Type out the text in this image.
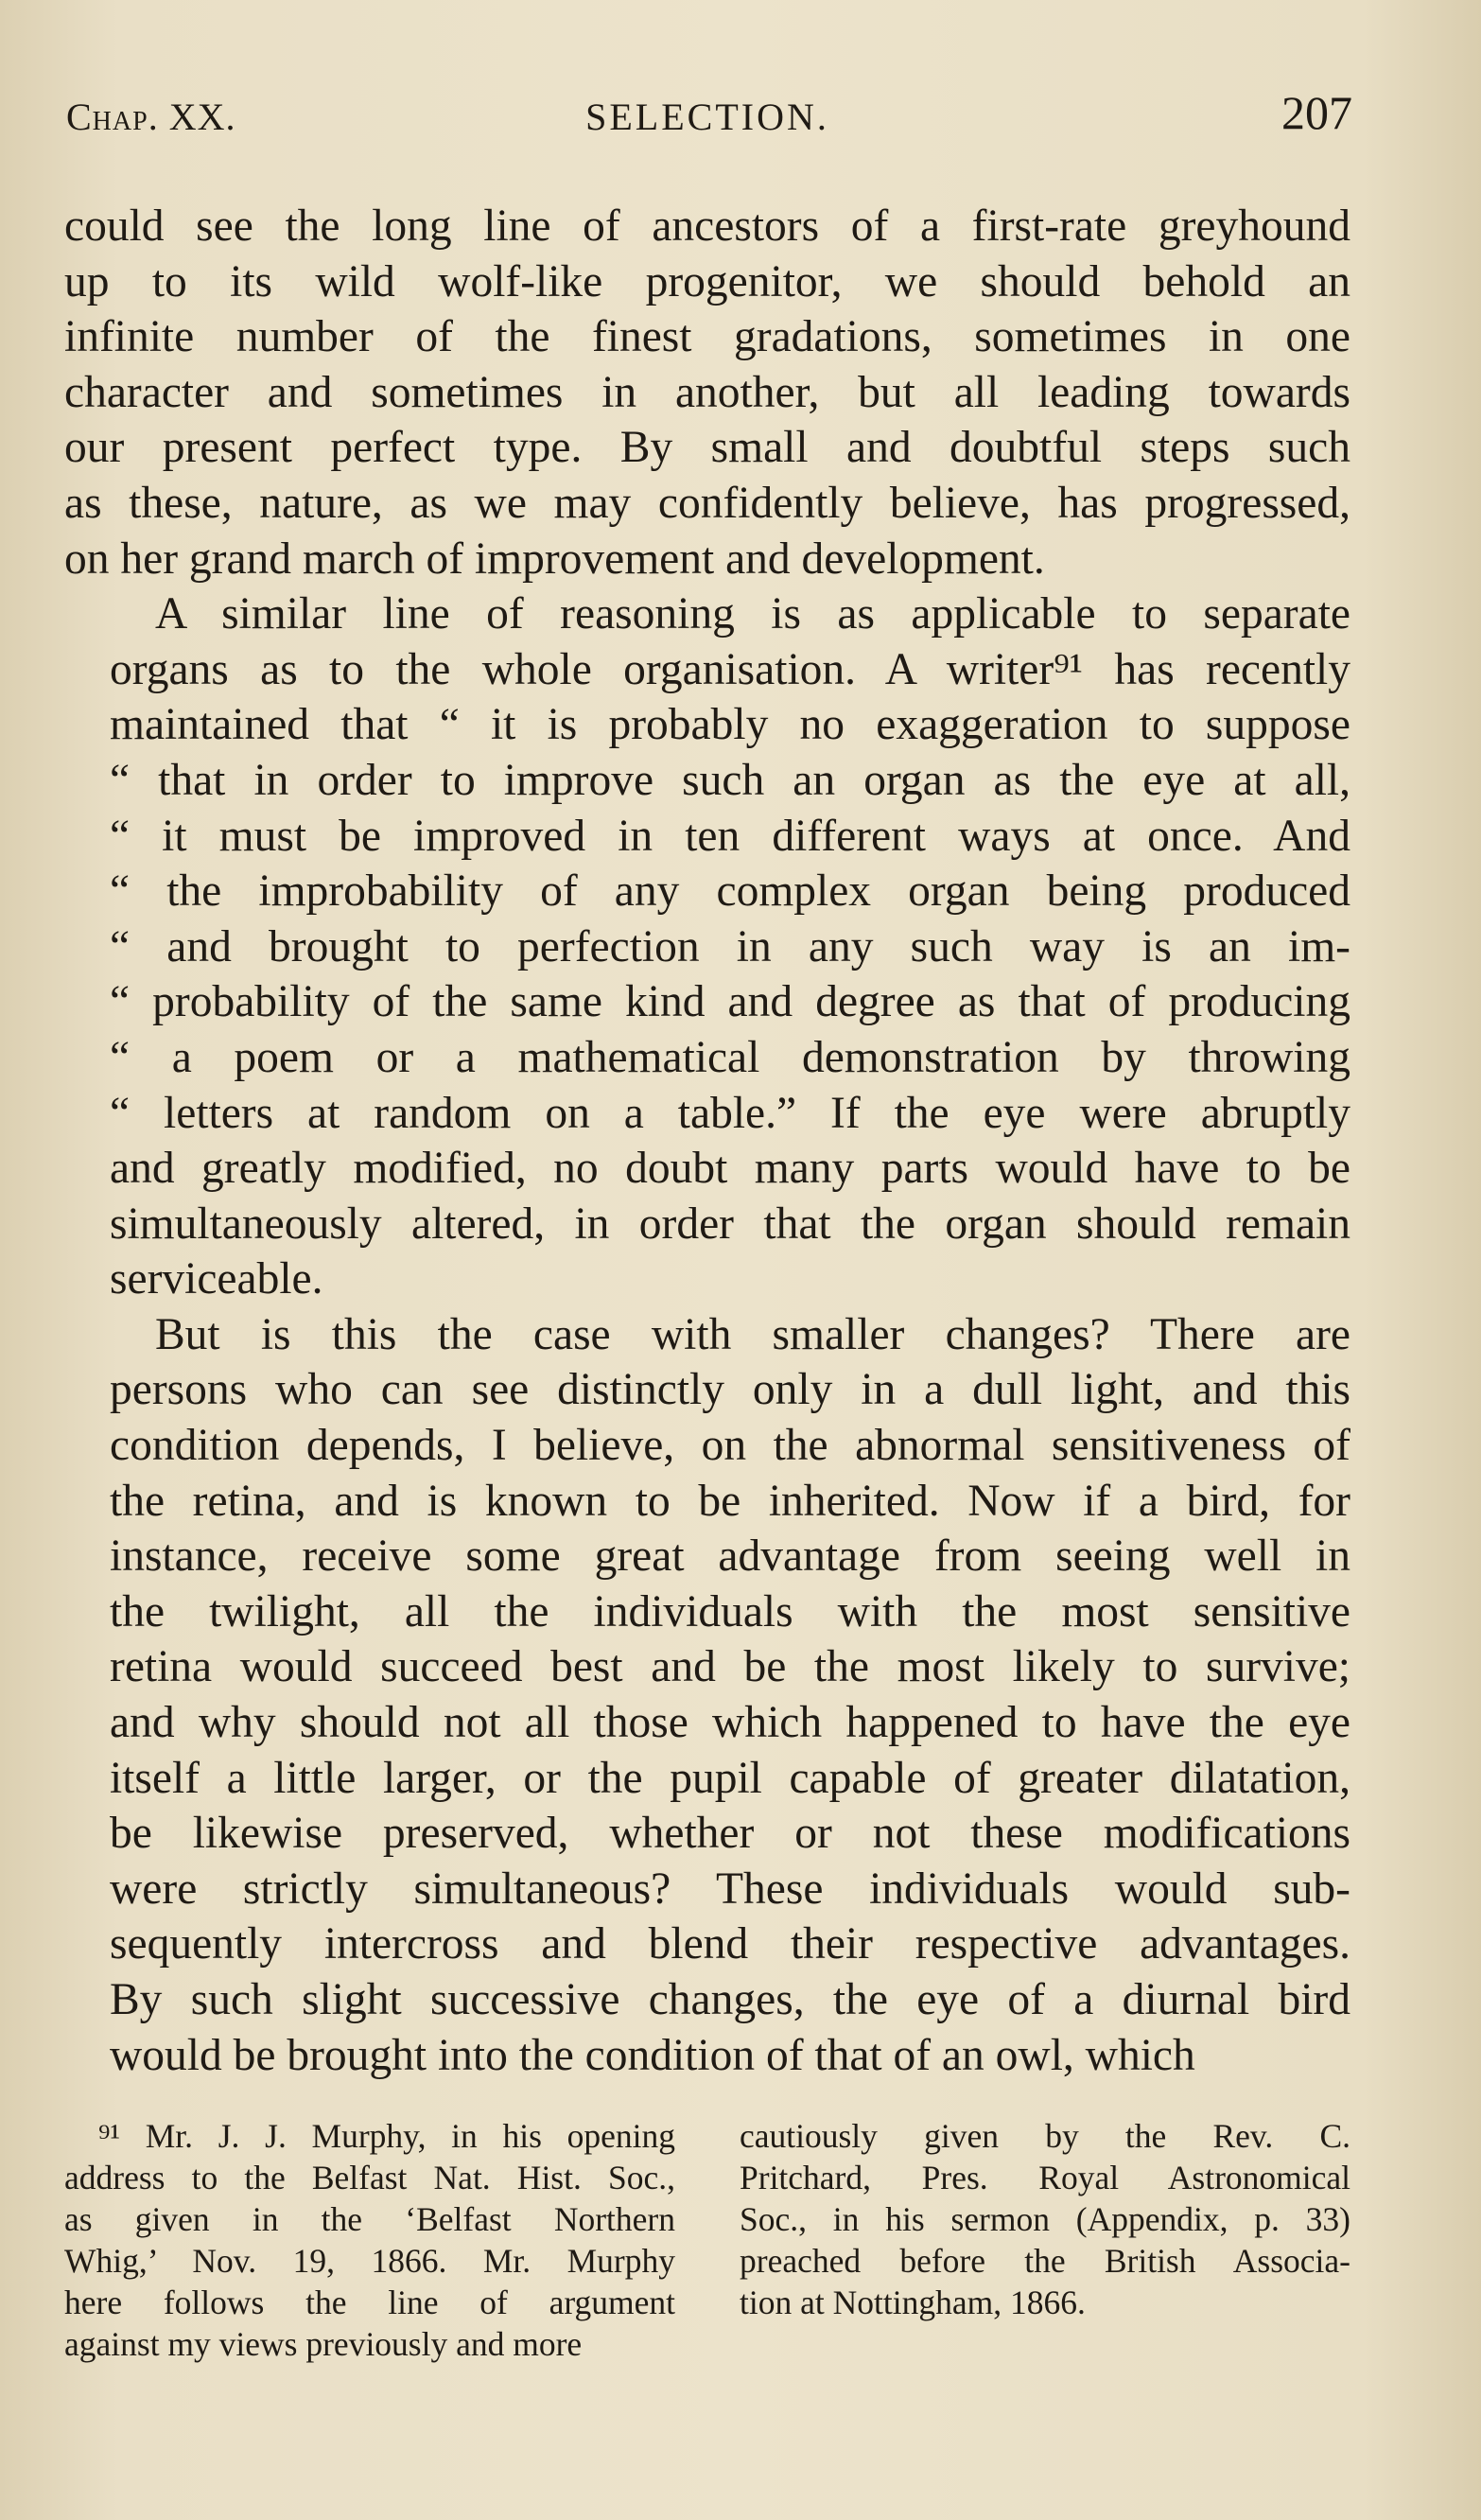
Chap. XX.	SELECTION.	207

could see the long line of ancestors of a first-rate greyhound
up to its wild wolf-like progenitor, we should behold an
infinite number of the finest gradations, sometimes in one
character and sometimes in another, but all leading towards
our present perfect type. By small and doubtful steps such
as these, nature, as we may confidently believe, has progressed,
on her grand march of improvement and development.

A similar line of reasoning is as applicable to separate
organs as to the whole organisation. A writer⁹¹ has recently
maintained that “ it is probably no exaggeration to suppose
“ that in order to improve such an organ as the eye at all,
“ it must be improved in ten different ways at once. And
“ the improbability of any complex organ being produced
“ and brought to perfection in any such way is an im-
“ probability of the same kind and degree as that of producing
“ a poem or a mathematical demonstration by throwing
“ letters at random on a table.” If the eye were abruptly
and greatly modified, no doubt many parts would have to be
simultaneously altered, in order that the organ should remain
serviceable.

But is this the case with smaller changes? There are
persons who can see distinctly only in a dull light, and this
condition depends, I believe, on the abnormal sensitiveness of
the retina, and is known to be inherited. Now if a bird, for
instance, receive some great advantage from seeing well in
the twilight, all the individuals with the most sensitive
retina would succeed best and be the most likely to survive;
and why should not all those which happened to have the eye
itself a little larger, or the pupil capable of greater dilatation,
be likewise preserved, whether or not these modifications
were strictly simultaneous? These individuals would sub-
sequently intercross and blend their respective advantages.
By such slight successive changes, the eye of a diurnal bird
would be brought into the condition of that of an owl, which

⁹¹ Mr. J. J. Murphy, in his opening
address to the Belfast Nat. Hist. Soc.,
as given in the ‘Belfast Northern
Whig,’ Nov. 19, 1866. Mr. Murphy
here follows the line of argument
against my views previously and more
cautiously given by the Rev. C.
Pritchard, Pres. Royal Astronomical
Soc., in his sermon (Appendix, p. 33)
preached before the British Associa-
tion at Nottingham, 1866.
